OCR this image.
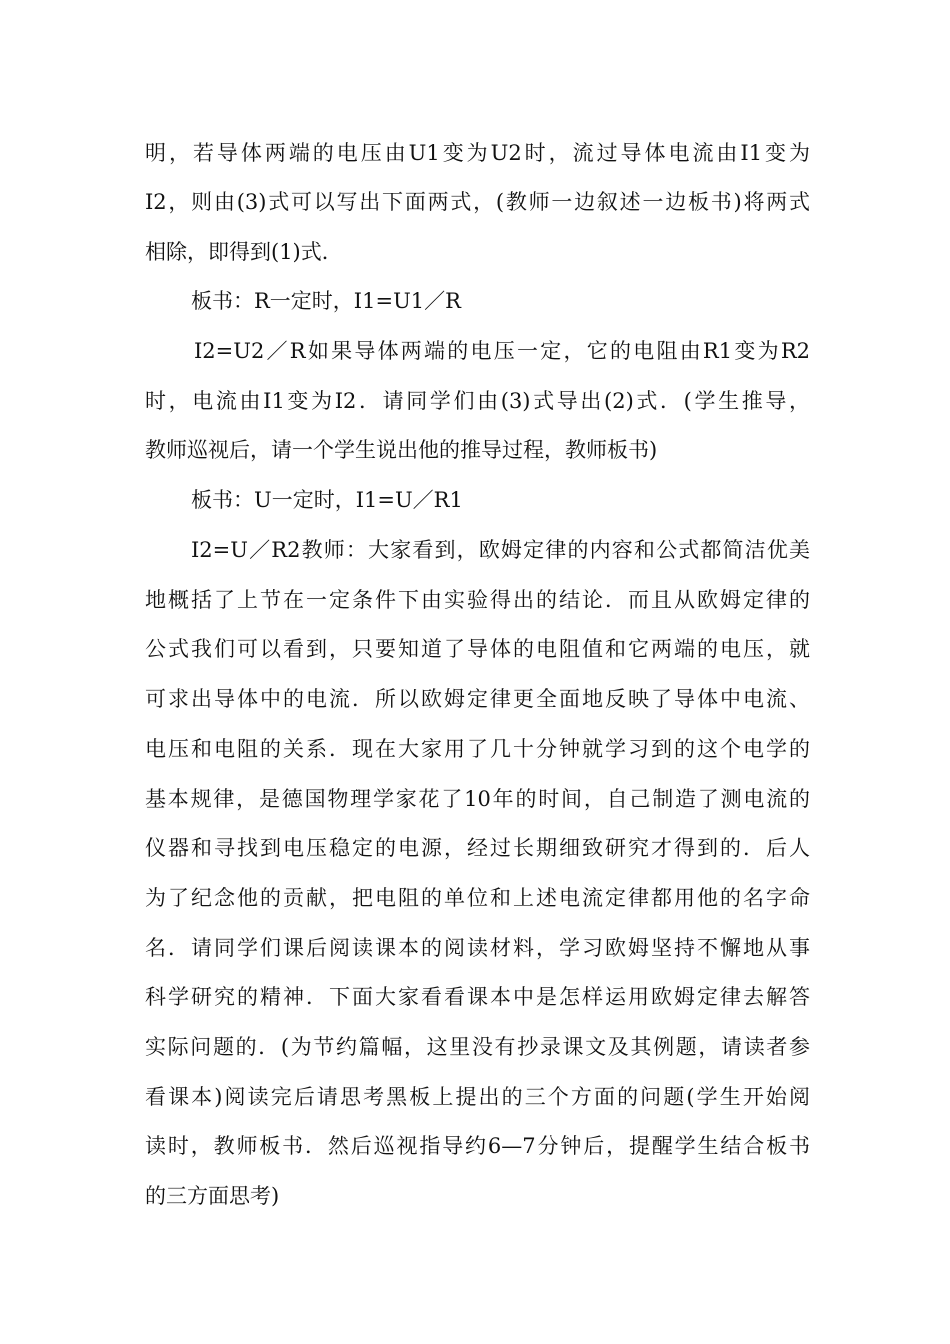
明，若导体两端的电压由U1变为U2时，流过导体电流由I1变为
I2，则由(3)式可以写出下面两式，(教师一边叙述一边板书)将两式
相除，即得到(1)式．
板书：R一定时，I1=U1／R
I2=U2／R如果导体两端的电压一定，它的电阻由R1变为R2
时，电流由I1变为I2．请同学们由(3)式导出(2)式．(学生推导，
教师巡视后，请一个学生说出他的推导过程，教师板书)
板书：U一定时，I1=U／R1
I2=U／R2教师：大家看到，欧姆定律的内容和公式都简洁优美
地概括了上节在一定条件下由实验得出的结论．而且从欧姆定律的
公式我们可以看到，只要知道了导体的电阻值和它两端的电压，就
可求出导体中的电流．所以欧姆定律更全面地反映了导体中电流、
电压和电阻的关系．现在大家用了几十分钟就学习到的这个电学的
基本规律，是德国物理学家花了10年的时间，自己制造了测电流的
仪器和寻找到电压稳定的电源，经过长期细致研究才得到的．后人
为了纪念他的贡献，把电阻的单位和上述电流定律都用他的名字命
名．请同学们课后阅读课本的阅读材料，学习欧姆坚持不懈地从事
科学研究的精神．下面大家看看课本中是怎样运用欧姆定律去解答
实际问题的．(为节约篇幅，这里没有抄录课文及其例题，请读者参
看课本)阅读完后请思考黑板上提出的三个方面的问题(学生开始阅
读时，教师板书．然后巡视指导约6—7分钟后，提醒学生结合板书
的三方面思考)
